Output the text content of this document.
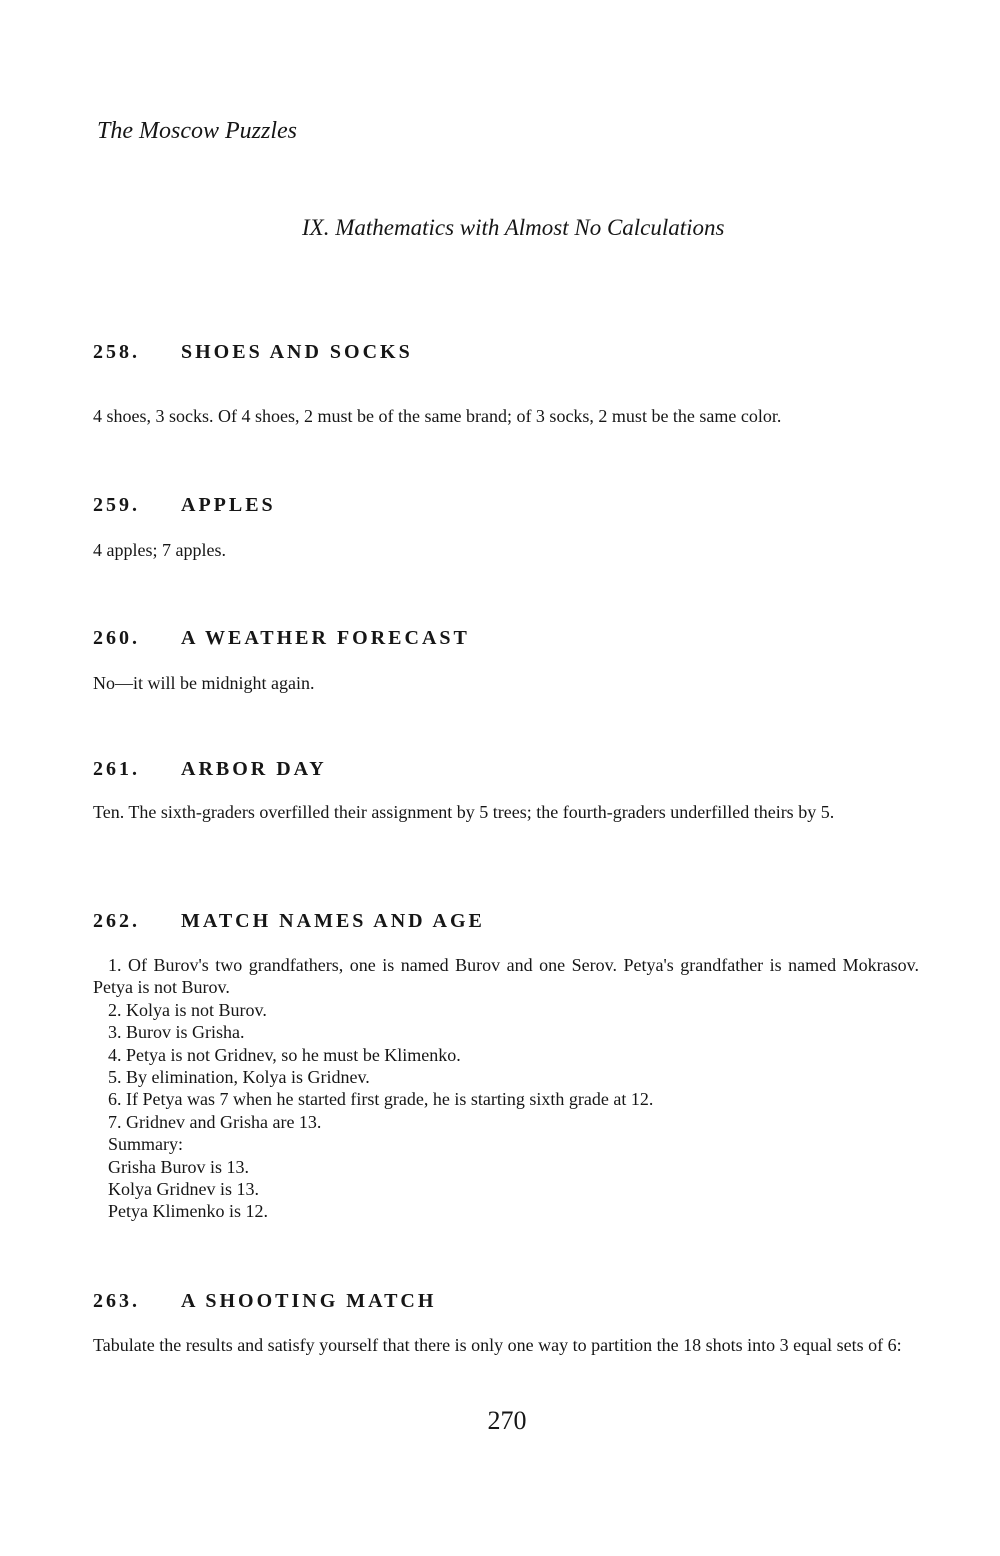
The Moscow Puzzles
IX. Mathematics with Almost No Calculations
258. SHOES AND SOCKS
4 shoes, 3 socks. Of 4 shoes, 2 must be of the same brand; of 3 socks, 2 must be the same color.
259. APPLES
4 apples; 7 apples.
260. A WEATHER FORECAST
No—it will be midnight again.
261. ARBOR DAY
Ten. The sixth-graders overfilled their assignment by 5 trees; the fourth-graders underfilled theirs by 5.
262. MATCH NAMES AND AGE
1. Of Burov's two grandfathers, one is named Burov and one Serov. Petya's grandfather is named Mokrasov. Petya is not Burov.
2. Kolya is not Burov.
3. Burov is Grisha.
4. Petya is not Gridnev, so he must be Klimenko.
5. By elimination, Kolya is Gridnev.
6. If Petya was 7 when he started first grade, he is starting sixth grade at 12.
7. Gridnev and Grisha are 13.
Summary:
Grisha Burov is 13.
Kolya Gridnev is 13.
Petya Klimenko is 12.
263. A SHOOTING MATCH
Tabulate the results and satisfy yourself that there is only one way to partition the 18 shots into 3 equal sets of 6:
270
